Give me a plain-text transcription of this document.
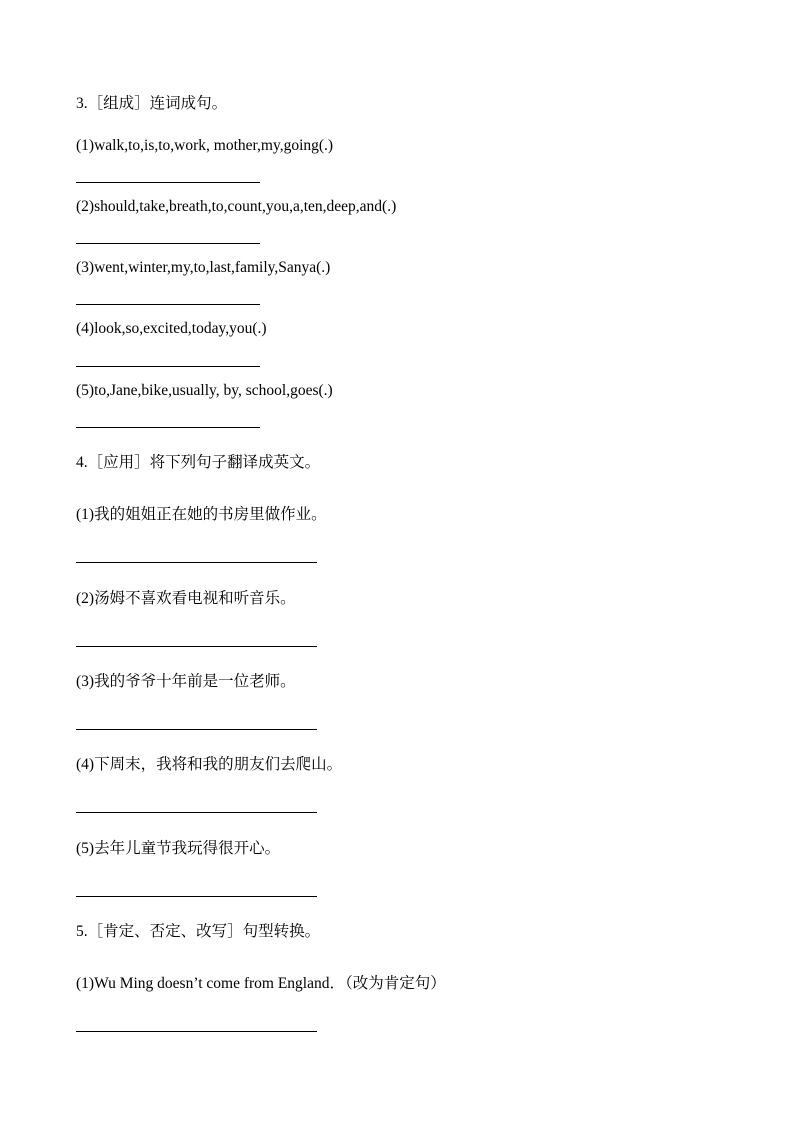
3.［组成］连词成句。
(1)walk,to,is,to,work, mother,my,going(.)
(2)should,take,breath,to,count,you,a,ten,deep,and(.)
(3)went,winter,my,to,last,family,Sanya(.)
(4)look,so,excited,today,you(.)
(5)to,Jane,bike,usually, by, school,goes(.)
4.［应用］将下列句子翻译成英文。
(1)我的姐姐正在她的书房里做作业。
(2)汤姆不喜欢看电视和听音乐。
(3)我的爷爷十年前是一位老师。
(4)下周末，我将和我的朋友们去爬山。
(5)去年儿童节我玩得很开心。
5.［肯定、否定、改写］句型转换。
(1)Wu Ming doesn’t come from England．（改为肯定句）
